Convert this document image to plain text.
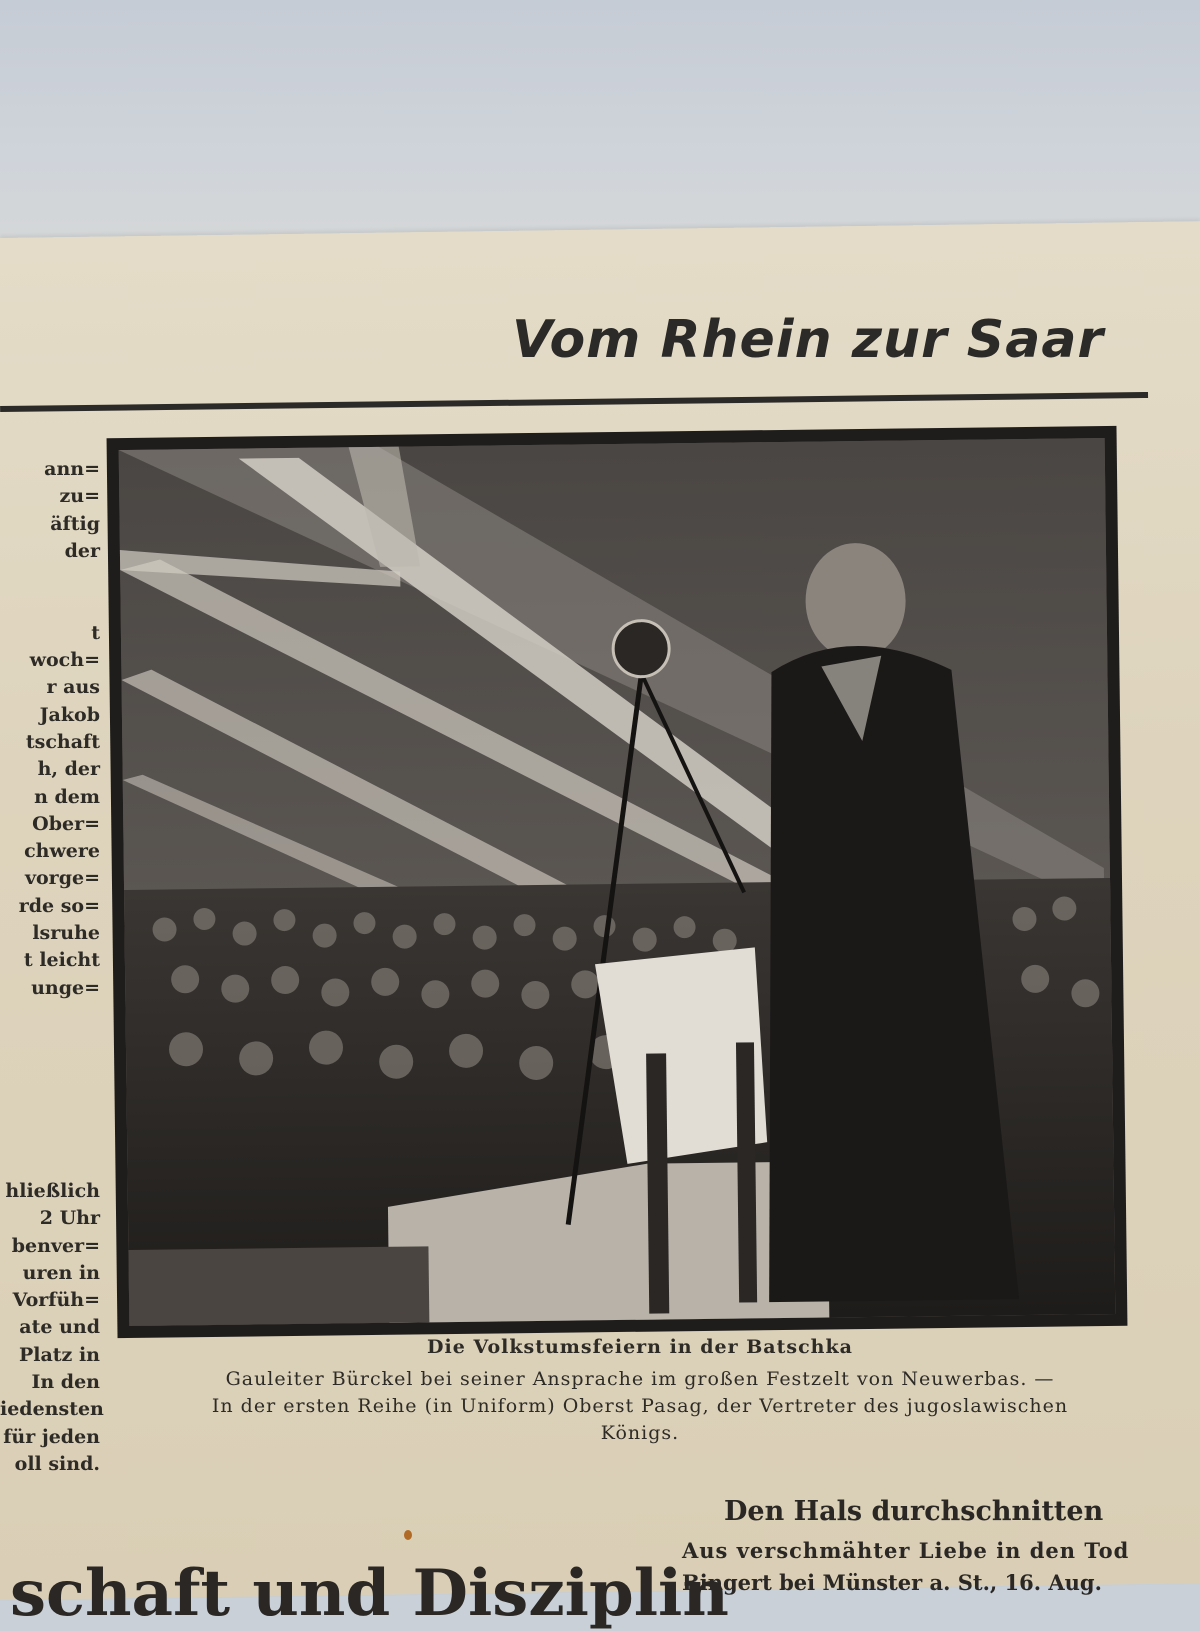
Vom Rhein zur Saar
ann=
zu=
äftig
der
t
woch=
r aus
Jakob
tschaft
h, der
n dem
Ober=
chwere
vorge=
rde so=
lsruhe
t leicht
unge=
hließlich
2 Uhr
benver=
uren in
Vorfüh=
ate und
Platz in
In den
iedensten
für jeden
oll sind.

Die Volkstumsfeiern in der Batschka

Gauleiter Bürckel bei seiner Ansprache im großen Festzelt von Neuwerbas. —

In der ersten Reihe (in Uniform) Oberst Pasag, der Vertreter des jugoslawischen

Königs.

Den Hals durchschnitten

Aus verschmähter Liebe in den Tod

Bingert bei Münster a. St., 16. Aug.

schaft und Disziplin
